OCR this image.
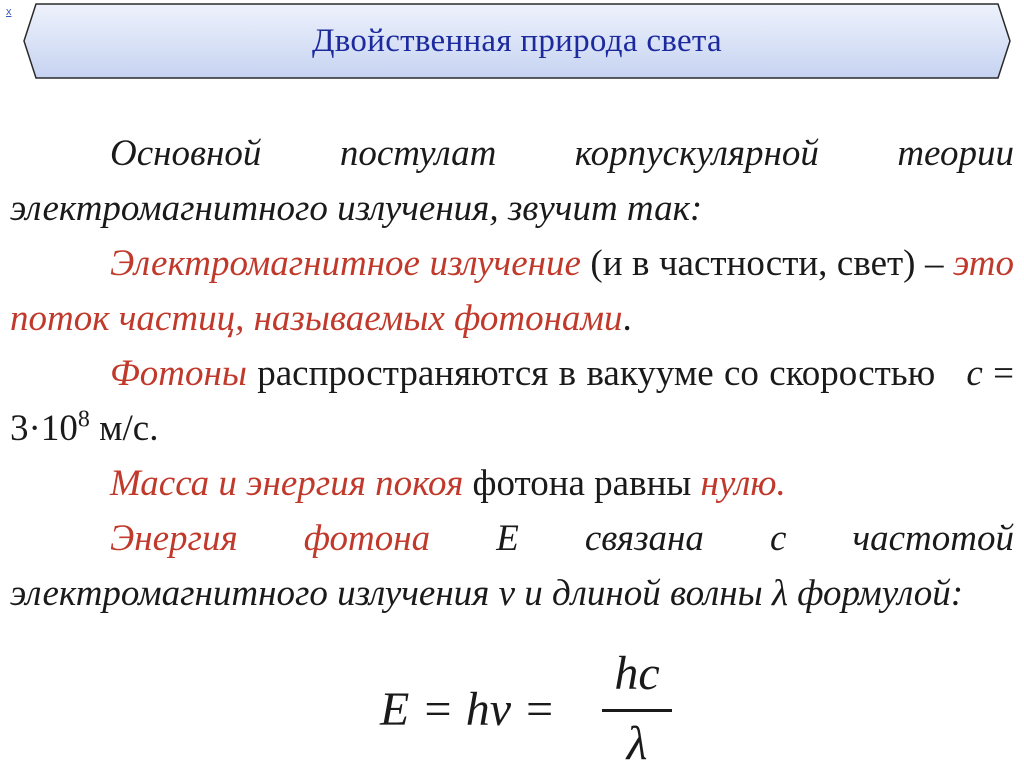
x
Двойственная природа света

Основной постулат корпускулярной теории электромагнитного излучения, звучит так:

Электромагнитное излучение (и в частности, свет) – это поток частиц, называемых фотонами.

Фотоны распространяются в вакууме со скоростью   $c = 3\cdot 10^8$ м/с.

Масса и энергия покоя фотона равны нулю.

Энергия фотона E связана с частотой электромагнитного излучения ν и длиной волны λ формулой:

E = hν =
hc
λ
